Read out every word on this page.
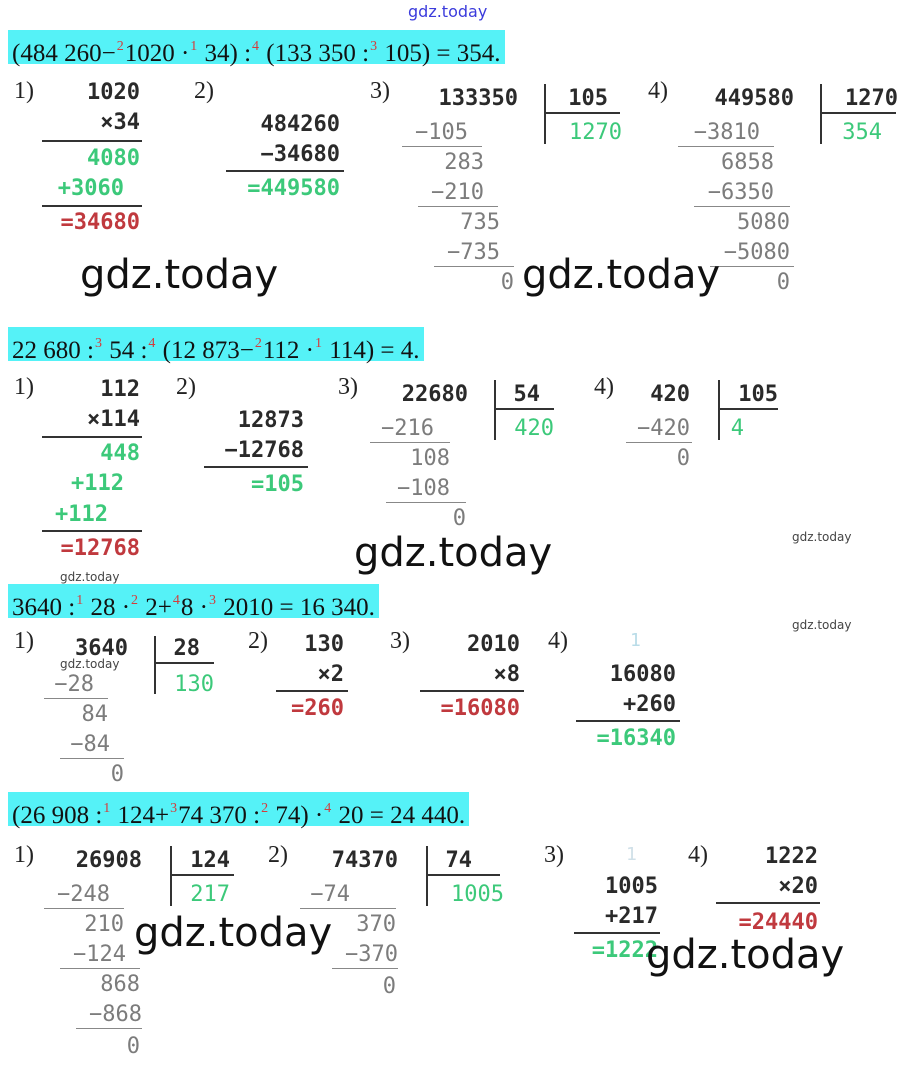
gdz.today
(484 260−$^2$1020 ·$^1$ 34) :$^4$ (133 350 :$^3$ 105) = 354.
1)	1020
×34
4080
+3060
=34680
2)
484260
−34680
=449580
3)	133350	105
1270
−105
283
−210
735
−735
0
4)	449580	1270
354
−3810
6858
−6350
5080
−5080
0
gdz.today	gdz.today
22 680 :$^3$ 54 :$^4$ (12 873−$^2$112 ·$^1$ 114) = 4.
1)	112
×114
448
+112
+112
=12768
2)
12873
−12768
=105
3)	22680	54
420
−216
108
−108
0
4)	420	105
4
−420
0
gdz.today	gdz.today
gdz.today
3640 :$^1$ 28 ·$^2$ 2+$^4$8 ·$^3$ 2010 = 16 340.
gdz.today
1)	3640
gdz.today
28
130
−28
84
−84
0
2)	130
×2
=260
3)	2010
×8
=16080
4)	1
16080
+260
=16340
(26 908 :$^1$ 124+$^3$74 370 :$^2$ 74) ·$^4$ 20 = 24 440.
1)	26908	124
217
−248
210
−124
868
−868
0
2)	74370	74
1005
−74
370
−370
0
3)	1
1005
+217
=1222
4)	1222
×20
=24440
gdz.today	gdz.today
